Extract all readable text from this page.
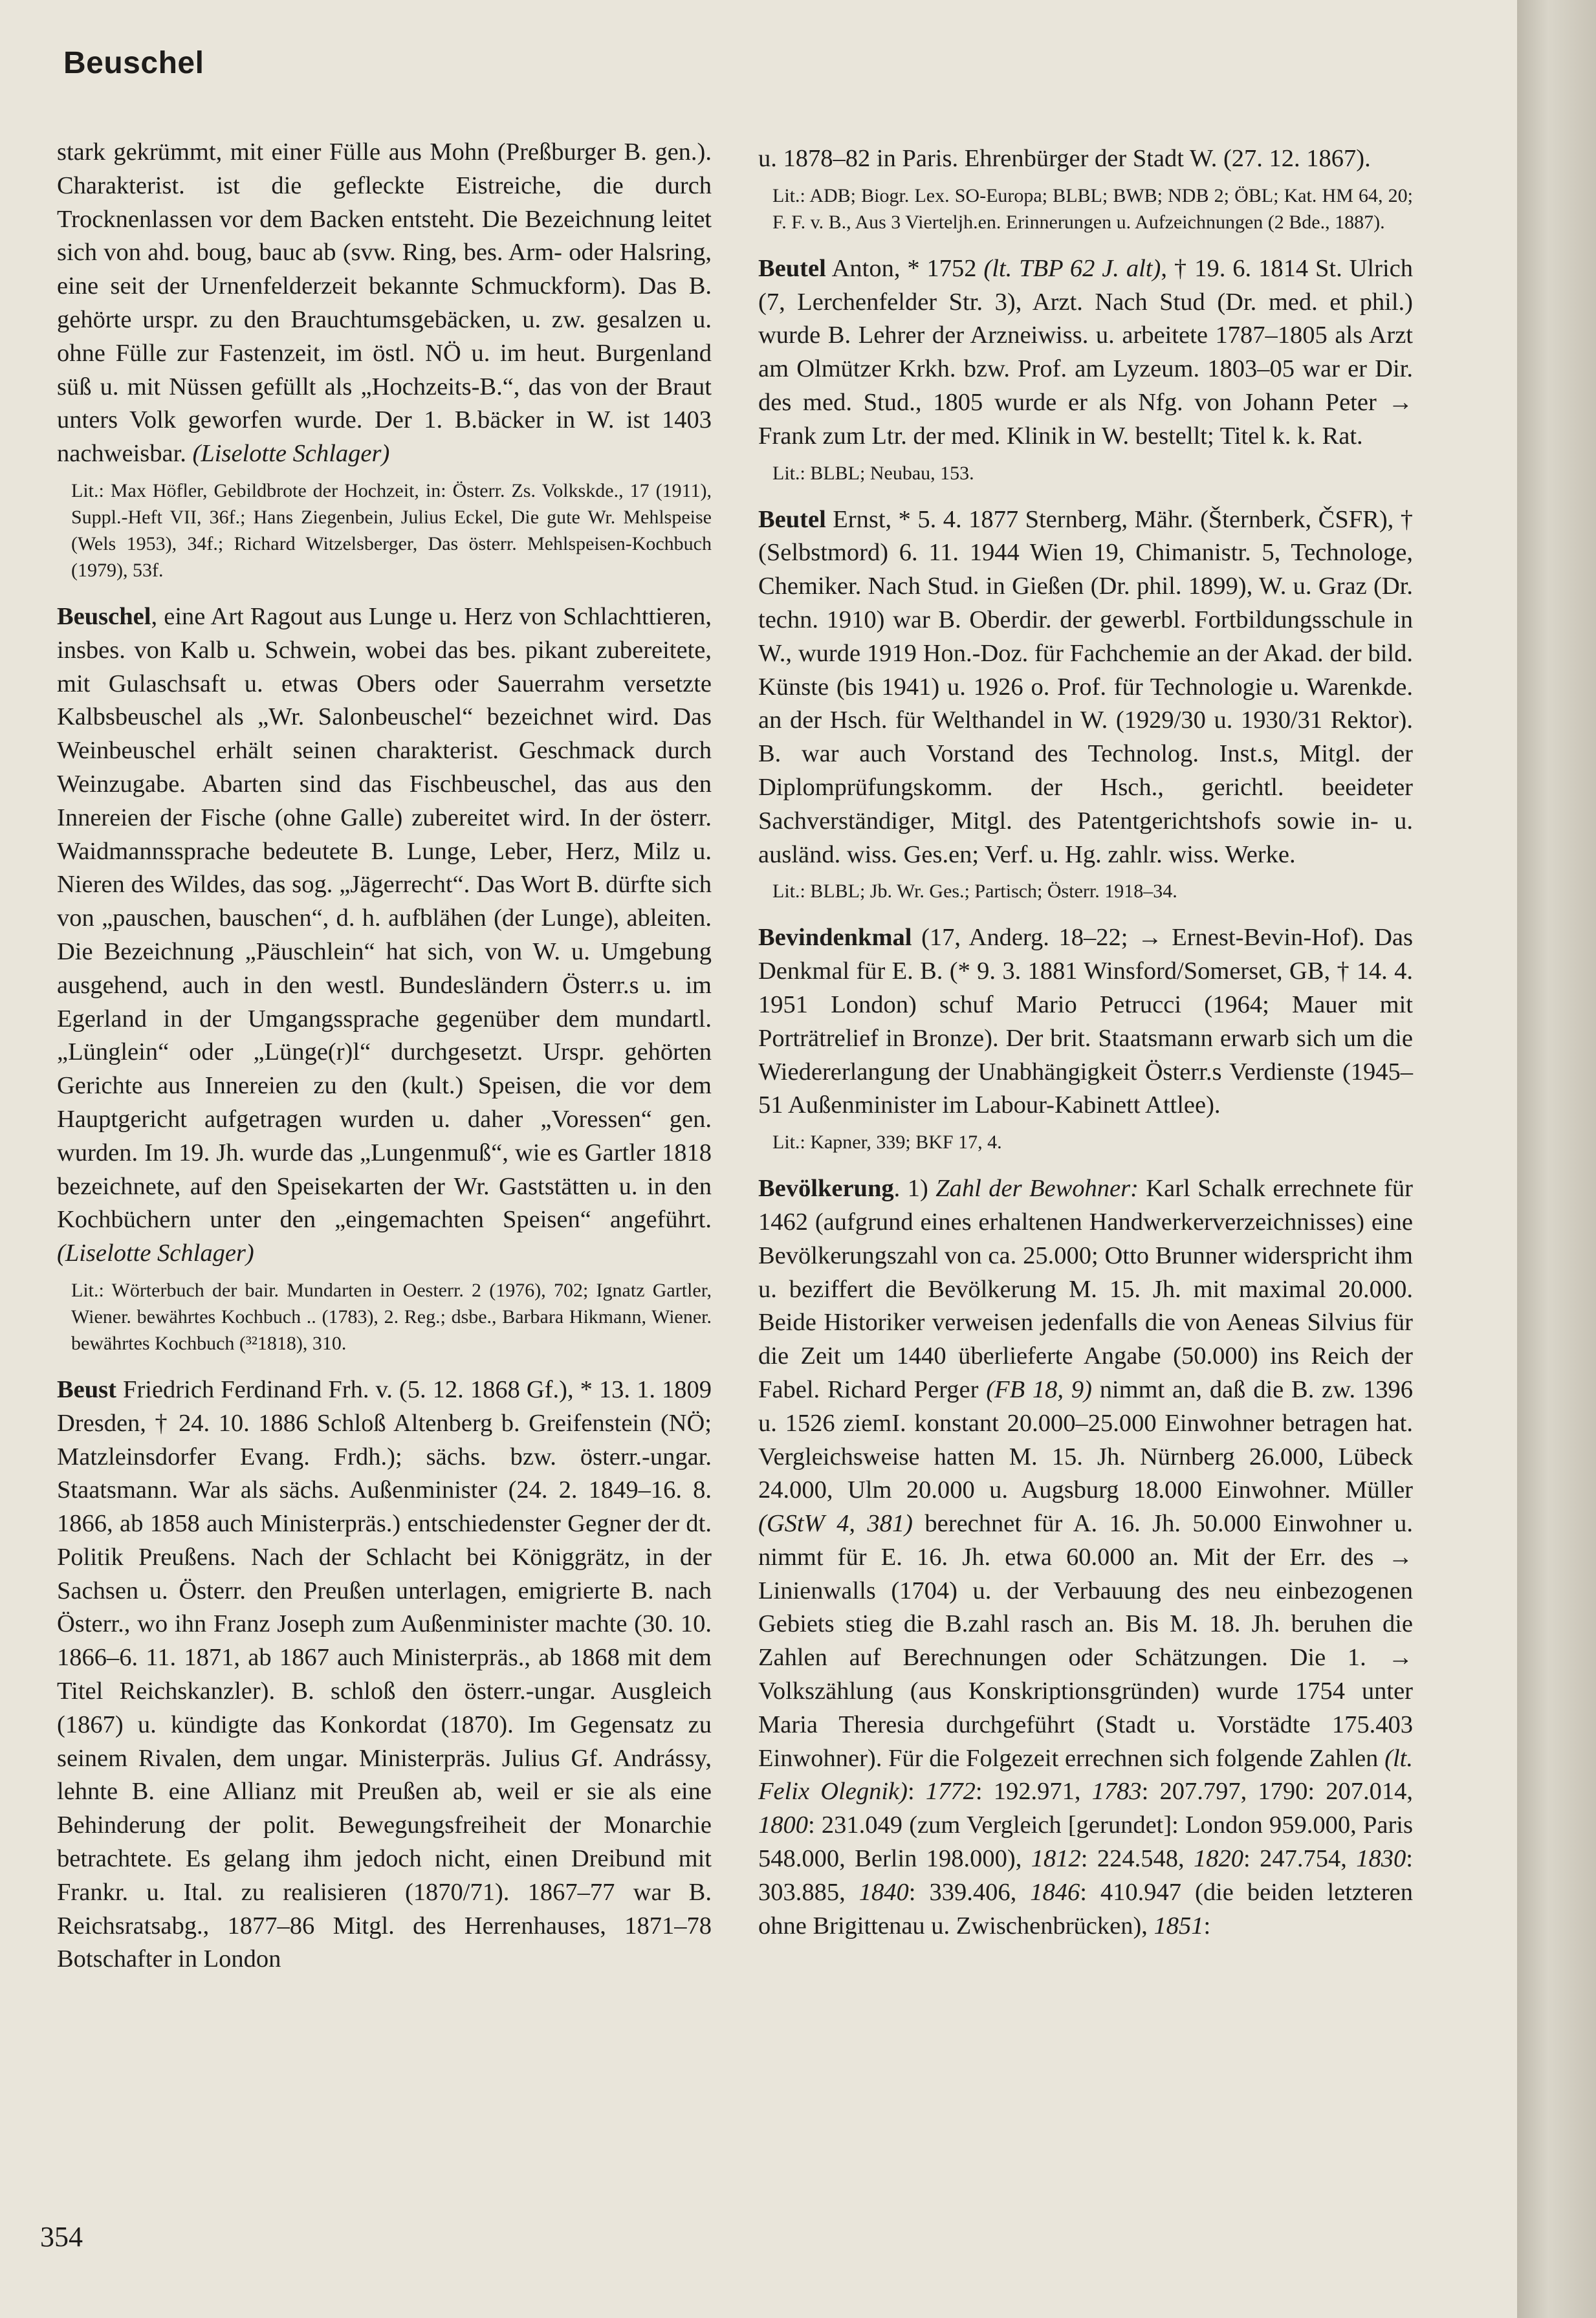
Beuschel

stark gekrümmt, mit einer Fülle aus Mohn (Preßburger B. gen.). Charakterist. ist die gefleckte Eistreiche, die durch Trocknenlassen vor dem Backen entsteht. Die Bezeichnung leitet sich von ahd. boug, bauc ab (svw. Ring, bes. Arm- oder Halsring, eine seit der Urnenfelderzeit bekannte Schmuckform). Das B. gehörte urspr. zu den Brauchtumsgebäcken, u. zw. gesalzen u. ohne Fülle zur Fastenzeit, im östl. NÖ u. im heut. Burgenland süß u. mit Nüssen gefüllt als „Hochzeits-B.“, das von der Braut unters Volk geworfen wurde. Der 1. B.bäcker in W. ist 1403 nachweisbar. (Liselotte Schlager)

Lit.: Max Höfler, Gebildbrote der Hochzeit, in: Österr. Zs. Volkskde., 17 (1911), Suppl.-Heft VII, 36f.; Hans Ziegenbein, Julius Eckel, Die gute Wr. Mehlspeise (Wels 1953), 34f.; Richard Witzelsberger, Das österr. Mehlspeisen-Kochbuch (1979), 53f.

Beuschel, eine Art Ragout aus Lunge u. Herz von Schlachttieren, insbes. von Kalb u. Schwein, wobei das bes. pikant zubereitete, mit Gulaschsaft u. etwas Obers oder Sauerrahm versetzte Kalbsbeuschel als „Wr. Salonbeuschel“ bezeichnet wird. Das Weinbeuschel erhält seinen charakterist. Geschmack durch Weinzugabe. Abarten sind das Fischbeuschel, das aus den Innereien der Fische (ohne Galle) zubereitet wird. In der österr. Waidmannssprache bedeutete B. Lunge, Leber, Herz, Milz u. Nieren des Wildes, das sog. „Jägerrecht“. Das Wort B. dürfte sich von „pauschen, bauschen“, d. h. aufblähen (der Lunge), ableiten. Die Bezeichnung „Päuschlein“ hat sich, von W. u. Umgebung ausgehend, auch in den westl. Bundesländern Österr.s u. im Egerland in der Umgangssprache gegenüber dem mundartl. „Lünglein“ oder „Lünge(r)l“ durchgesetzt. Urspr. gehörten Gerichte aus Innereien zu den (kult.) Speisen, die vor dem Hauptgericht aufgetragen wurden u. daher „Voressen“ gen. wurden. Im 19. Jh. wurde das „Lungenmuß“, wie es Gartler 1818 bezeichnete, auf den Speisekarten der Wr. Gaststätten u. in den Kochbüchern unter den „eingemachten Speisen“ angeführt. (Liselotte Schlager)

Lit.: Wörterbuch der bair. Mundarten in Oesterr. 2 (1976), 702; Ignatz Gartler, Wiener. bewährtes Kochbuch .. (1783), 2. Reg.; dsbe., Barbara Hikmann, Wiener. bewährtes Kochbuch (³²1818), 310.

Beust Friedrich Ferdinand Frh. v. (5. 12. 1868 Gf.), * 13. 1. 1809 Dresden, † 24. 10. 1886 Schloß Altenberg b. Greifenstein (NÖ; Matzleinsdorfer Evang. Frdh.); sächs. bzw. österr.-ungar. Staatsmann. War als sächs. Außenminister (24. 2. 1849–16. 8. 1866, ab 1858 auch Ministerpräs.) entschiedenster Gegner der dt. Politik Preußens. Nach der Schlacht bei Königgrätz, in der Sachsen u. Österr. den Preußen unterlagen, emigrierte B. nach Österr., wo ihn Franz Joseph zum Außenminister machte (30. 10. 1866–6. 11. 1871, ab 1867 auch Ministerpräs., ab 1868 mit dem Titel Reichskanzler). B. schloß den österr.-ungar. Ausgleich (1867) u. kündigte das Konkordat (1870). Im Gegensatz zu seinem Rivalen, dem ungar. Ministerpräs. Julius Gf. Andrássy, lehnte B. eine Allianz mit Preußen ab, weil er sie als eine Behinderung der polit. Bewegungsfreiheit der Monarchie betrachtete. Es gelang ihm jedoch nicht, einen Dreibund mit Frankr. u. Ital. zu realisieren (1870/71). 1867–77 war B. Reichsratsabg., 1877–86 Mitgl. des Herrenhauses, 1871–78 Botschafter in London

u. 1878–82 in Paris. Ehrenbürger der Stadt W. (27. 12. 1867).

Lit.: ADB; Biogr. Lex. SO-Europa; BLBL; BWB; NDB 2; ÖBL; Kat. HM 64, 20; F. F. v. B., Aus 3 Vierteljh.en. Erinnerungen u. Aufzeichnungen (2 Bde., 1887).

Beutel Anton, * 1752 (lt. TBP 62 J. alt), † 19. 6. 1814 St. Ulrich (7, Lerchenfelder Str. 3), Arzt. Nach Stud (Dr. med. et phil.) wurde B. Lehrer der Arzneiwiss. u. arbeitete 1787–1805 als Arzt am Olmützer Krkh. bzw. Prof. am Lyzeum. 1803–05 war er Dir. des med. Stud., 1805 wurde er als Nfg. von Johann Peter → Frank zum Ltr. der med. Klinik in W. bestellt; Titel k. k. Rat.

Lit.: BLBL; Neubau, 153.

Beutel Ernst, * 5. 4. 1877 Sternberg, Mähr. (Šternberk, ČSFR), † (Selbstmord) 6. 11. 1944 Wien 19, Chimanistr. 5, Technologe, Chemiker. Nach Stud. in Gießen (Dr. phil. 1899), W. u. Graz (Dr. techn. 1910) war B. Oberdir. der gewerbl. Fortbildungsschule in W., wurde 1919 Hon.-Doz. für Fachchemie an der Akad. der bild. Künste (bis 1941) u. 1926 o. Prof. für Technologie u. Warenkde. an der Hsch. für Welthandel in W. (1929/30 u. 1930/31 Rektor). B. war auch Vorstand des Technolog. Inst.s, Mitgl. der Diplomprüfungskomm. der Hsch., gerichtl. beeideter Sachverständiger, Mitgl. des Patentgerichtshofs sowie in- u. ausländ. wiss. Ges.en; Verf. u. Hg. zahlr. wiss. Werke.

Lit.: BLBL; Jb. Wr. Ges.; Partisch; Österr. 1918–34.

Bevindenkmal (17, Anderg. 18–22; → Ernest-Bevin-Hof). Das Denkmal für E. B. (* 9. 3. 1881 Winsford/Somerset, GB, † 14. 4. 1951 London) schuf Mario Petrucci (1964; Mauer mit Porträtrelief in Bronze). Der brit. Staatsmann erwarb sich um die Wiedererlangung der Unabhängigkeit Österr.s Verdienste (1945–51 Außenminister im Labour-Kabinett Attlee).

Lit.: Kapner, 339; BKF 17, 4.

Bevölkerung. 1) Zahl der Bewohner: Karl Schalk errechnete für 1462 (aufgrund eines erhaltenen Handwerkerverzeichnisses) eine Bevölkerungszahl von ca. 25.000; Otto Brunner widerspricht ihm u. beziffert die Bevölkerung M. 15. Jh. mit maximal 20.000. Beide Historiker verweisen jedenfalls die von Aeneas Silvius für die Zeit um 1440 überlieferte Angabe (50.000) ins Reich der Fabel. Richard Perger (FB 18, 9) nimmt an, daß die B. zw. 1396 u. 1526 ziemI. konstant 20.000–25.000 Einwohner betragen hat. Vergleichsweise hatten M. 15. Jh. Nürnberg 26.000, Lübeck 24.000, Ulm 20.000 u. Augsburg 18.000 Einwohner. Müller (GStW 4, 381) berechnet für A. 16. Jh. 50.000 Einwohner u. nimmt für E. 16. Jh. etwa 60.000 an. Mit der Err. des → Linienwalls (1704) u. der Verbauung des neu einbezogenen Gebiets stieg die B.zahl rasch an. Bis M. 18. Jh. beruhen die Zahlen auf Berechnungen oder Schätzungen. Die 1. → Volkszählung (aus Konskriptionsgründen) wurde 1754 unter Maria Theresia durchgeführt (Stadt u. Vorstädte 175.403 Einwohner). Für die Folgezeit errechnen sich folgende Zahlen (lt. Felix Olegnik): 1772: 192.971, 1783: 207.797, 1790: 207.014, 1800: 231.049 (zum Vergleich [gerundet]: London 959.000, Paris 548.000, Berlin 198.000), 1812: 224.548, 1820: 247.754, 1830: 303.885, 1840: 339.406, 1846: 410.947 (die beiden letzteren ohne Brigittenau u. Zwischenbrücken), 1851:

354
